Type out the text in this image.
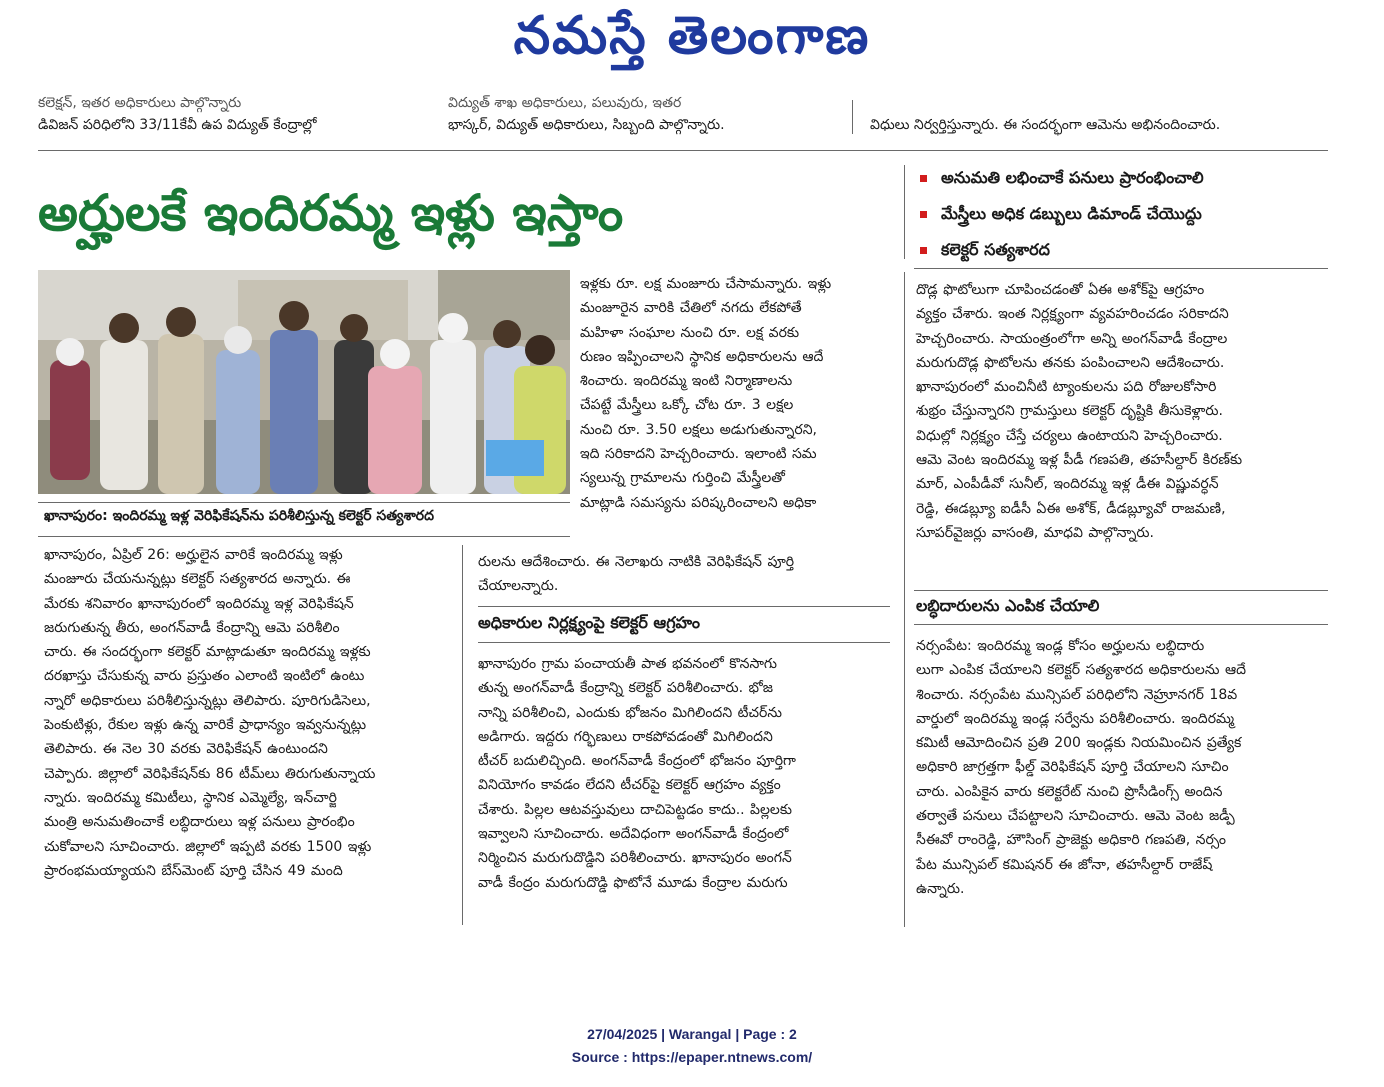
నమస్తే తెలంగాణ

కలెక్షన్, ఇతర అధికారులు పాల్గొన్నారు

డివిజన్ పరిధిలోని 33/11కేవీ ఉప విద్యుత్ కేంద్రాల్లో

విద్యుత్ శాఖ అధికారులు, పలువురు, ఇతర

భాస్కర్, విద్యుత్ అధికారులు, సిబ్బంది పాల్గొన్నారు.	విధులు నిర్వర్తిస్తున్నారు. ఈ సందర్భంగా ఆమెను అభినందించారు.

అర్హులకే ఇందిరమ్మ ఇళ్లు ఇస్తాం
అనుమతి లభించాకే పనులు ప్రారంభించాలి
మేస్త్రీలు అధిక డబ్బులు డిమాండ్ చేయొద్దు
కలెక్టర్ సత్యశారద
ఖానాపురం: ఇందిరమ్మ ఇళ్ల వెరిఫికేషన్‌ను పరిశీలిస్తున్న కలెక్టర్ సత్యశారద

ఖానాపురం, ఏప్రిల్ 26: అర్హులైన వారికే ఇందిరమ్మ ఇళ్లు

మంజూరు చేయనున్నట్లు కలెక్టర్ సత్యశారద అన్నారు. ఈ

మేరకు శనివారం ఖానాపురంలో ఇందిరమ్మ ఇళ్ల వెరిఫికేషన్

జరుగుతున్న తీరు, అంగన్‌వాడీ కేంద్రాన్ని ఆమె పరిశీలిం

చారు. ఈ సందర్భంగా కలెక్టర్ మాట్లాడుతూ ఇందిరమ్మ ఇళ్లకు

దరఖాస్తు చేసుకున్న వారు ప్రస్తుతం ఎలాంటి ఇంటిలో ఉంటు

న్నారో అధికారులు పరిశీలిస్తున్నట్లు తెలిపారు. పూరిగుడిసెలు,

పెంకుటిళ్లు, రేకుల ఇళ్లు ఉన్న వారికే ప్రాధాన్యం ఇవ్వనున్నట్లు

తెలిపారు. ఈ నెల 30 వరకు వెరిఫికేషన్ ఉంటుందని

చెప్పారు. జిల్లాలో వెరిఫికేషన్‌కు 86 టీమ్‌లు తిరుగుతున్నాయ

న్నారు. ఇందిరమ్మ కమిటీలు, స్థానిక ఎమ్మెల్యే, ఇన్‌చార్జి

మంత్రి అనుమతించాకే లబ్ధిదారులు ఇళ్ల పనులు ప్రారంభిం

చుకోవాలని సూచించారు. జిల్లాలో ఇప్పటి వరకు 1500 ఇళ్లు

ప్రారంభమయ్యాయని బేస్‌మెంట్ పూర్తి చేసిన 49 మంది

ఇళ్లకు రూ. లక్ష మంజూరు చేసామన్నారు. ఇళ్లు

మంజూరైన వారికి చేతిలో నగదు లేకపోతే

మహిళా సంఘాల నుంచి రూ. లక్ష వరకు

రుణం ఇప్పించాలని స్థానిక అధికారులను ఆదే

శించారు. ఇందిరమ్మ ఇంటి నిర్మాణాలను

చేపట్టే మేస్త్రీలు ఒక్కో చోట రూ. 3 లక్షల

నుంచి రూ. 3.50 లక్షలు అడుగుతున్నారని,

ఇది సరికాదని హెచ్చరించారు. ఇలాంటి సమ

స్యలున్న గ్రామాలను గుర్తించి మేస్త్రీలతో

మాట్లాడి సమస్యను పరిష్కరించాలని అధికా

రులను ఆదేశించారు. ఈ నెలాఖరు నాటికి వెరిఫికేషన్ పూర్తి

చేయాలన్నారు.

అధికారుల నిర్లక్ష్యంపై కలెక్టర్ ఆగ్రహం

ఖానాపురం గ్రామ పంచాయతీ పాత భవనంలో కొనసాగు

తున్న అంగన్‌వాడీ కేంద్రాన్ని కలెక్టర్ పరిశీలించారు. భోజ

నాన్ని పరిశీలించి, ఎందుకు భోజనం మిగిలిందని టీచర్‌ను

అడిగారు. ఇద్దరు గర్భిణులు రాకపోవడంతో మిగిలిందని

టీచర్ బదులిచ్చింది. అంగన్‌వాడీ కేంద్రంలో భోజనం పూర్తిగా

వినియోగం కావడం లేదని టీచర్‌పై కలెక్టర్ ఆగ్రహం వ్యక్తం

చేశారు. పిల్లల ఆటవస్తువులు దాచిపెట్టడం కాదు.. పిల్లలకు

ఇవ్వాలని సూచించారు. అదేవిధంగా అంగన్‌వాడీ కేంద్రంలో

నిర్మించిన మరుగుదొడ్డిని పరిశీలించారు. ఖానాపురం అంగన్

వాడీ కేంద్రం మరుగుదొడ్డి ఫొటోనే మూడు కేంద్రాల మరుగు

దొడ్ల ఫొటోలుగా చూపించడంతో ఏఈ అశోక్‌పై ఆగ్రహం

వ్యక్తం చేశారు. ఇంత నిర్లక్ష్యంగా వ్యవహరించడం సరికాదని

హెచ్చరించారు. సాయంత్రంలోగా అన్ని అంగన్‌వాడీ కేంద్రాల

మరుగుదొడ్ల ఫొటోలను తనకు పంపించాలని ఆదేశించారు.

ఖానాపురంలో మంచినీటి ట్యాంకులను పది రోజులకోసారి

శుభ్రం చేస్తున్నారని గ్రామస్తులు కలెక్టర్ దృష్టికి తీసుకెళ్లారు.

విధుల్లో నిర్లక్ష్యం చేస్తే చర్యలు ఉంటాయని హెచ్చరించారు.

ఆమె వెంట ఇందిరమ్మ ఇళ్ల పీడీ గణపతి, తహసీల్దార్ కిరణ్‌కు

మార్, ఎంపీడీవో సునీల్, ఇందిరమ్మ ఇళ్ల డీఈ విష్ణువర్ధన్

రెడ్డి, ఈడబ్ల్యూ ఐడీసీ ఏఈ అశోక్, డీడబ్ల్యూవో రాజమణి,

సూపర్‌వైజర్లు వాసంతి, మాధవి పాల్గొన్నారు.

లబ్ధిదారులను ఎంపిక చేయాలి

నర్సంపేట: ఇందిరమ్మ ఇండ్ల కోసం అర్హులను లబ్ధిదారు

లుగా ఎంపిక చేయాలని కలెక్టర్ సత్యశారద అధికారులను ఆదే

శించారు. నర్సంపేట మున్సిపల్ పరిధిలోని నెహ్రూనగర్ 18వ

వార్డులో ఇందిరమ్మ ఇండ్ల సర్వేను పరిశీలించారు. ఇందిరమ్మ

కమిటీ ఆమోదించిన ప్రతి 200 ఇండ్లకు నియమించిన ప్రత్యేక

అధికారి జాగ్రత్తగా ఫీల్డ్ వెరిఫికేషన్ పూర్తి చేయాలని సూచిం

చారు. ఎంపికైన వారు కలెక్టరేట్ నుంచి ప్రొసీడింగ్స్ అందిన

తర్వాతే పనులు చేపట్టాలని సూచించారు. ఆమె వెంట జడ్పీ

సీఈవో రాంరెడ్డి, హౌసింగ్ ప్రాజెక్టు అధికారి గణపతి, నర్సం

పేట మున్సిపల్ కమిషనర్ ఈ జోనా, తహసీల్దార్ రాజేష్

ఉన్నారు.

27/04/2025 | Warangal | Page : 2
Source : https://epaper.ntnews.com/
